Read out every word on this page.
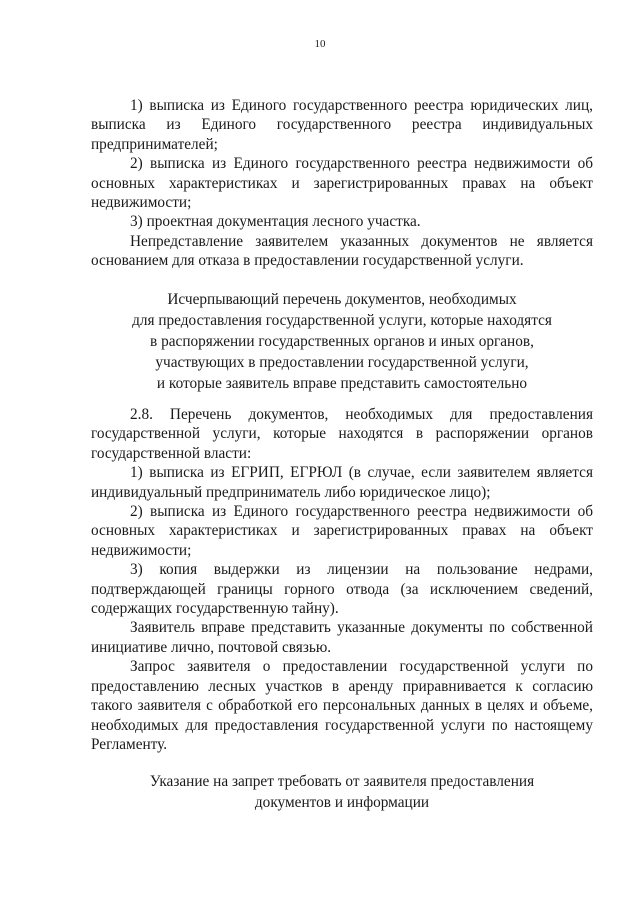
10

1) выписка из Единого государственного реестра юридических лиц, выписка из Единого государственного реестра индивидуальных предпринимателей;

2) выписка из Единого государственного реестра недвижимости об основных характеристиках и зарегистрированных правах на объект недвижимости;

3) проектная документация лесного участка.

Непредставление заявителем указанных документов не является основанием для отказа в предоставлении государственной услуги.

Исчерпывающий перечень документов, необходимых
для предоставления государственной услуги, которые находятся
в распоряжении государственных органов и иных органов,
участвующих в предоставлении государственной услуги,
и которые заявитель вправе представить самостоятельно

2.8. Перечень документов, необходимых для предоставления государственной услуги, которые находятся в распоряжении органов государственной власти:

1) выписка из ЕГРИП, ЕГРЮЛ (в случае, если заявителем является индивидуальный предприниматель либо юридическое лицо);

2) выписка из Единого государственного реестра недвижимости об основных характеристиках и зарегистрированных правах на объект недвижимости;

3) копия выдержки из лицензии на пользование недрами, подтверждающей границы горного отвода (за исключением сведений, содержащих государственную тайну).

Заявитель вправе представить указанные документы по собственной инициативе лично, почтовой связью.

Запрос заявителя о предоставлении государственной услуги по предоставлению лесных участков в аренду приравнивается к согласию такого заявителя с обработкой его персональных данных в целях и объеме, необходимых для предоставления государственной услуги по настоящему Регламенту.

Указание на запрет требовать от заявителя предоставления
документов и информации
